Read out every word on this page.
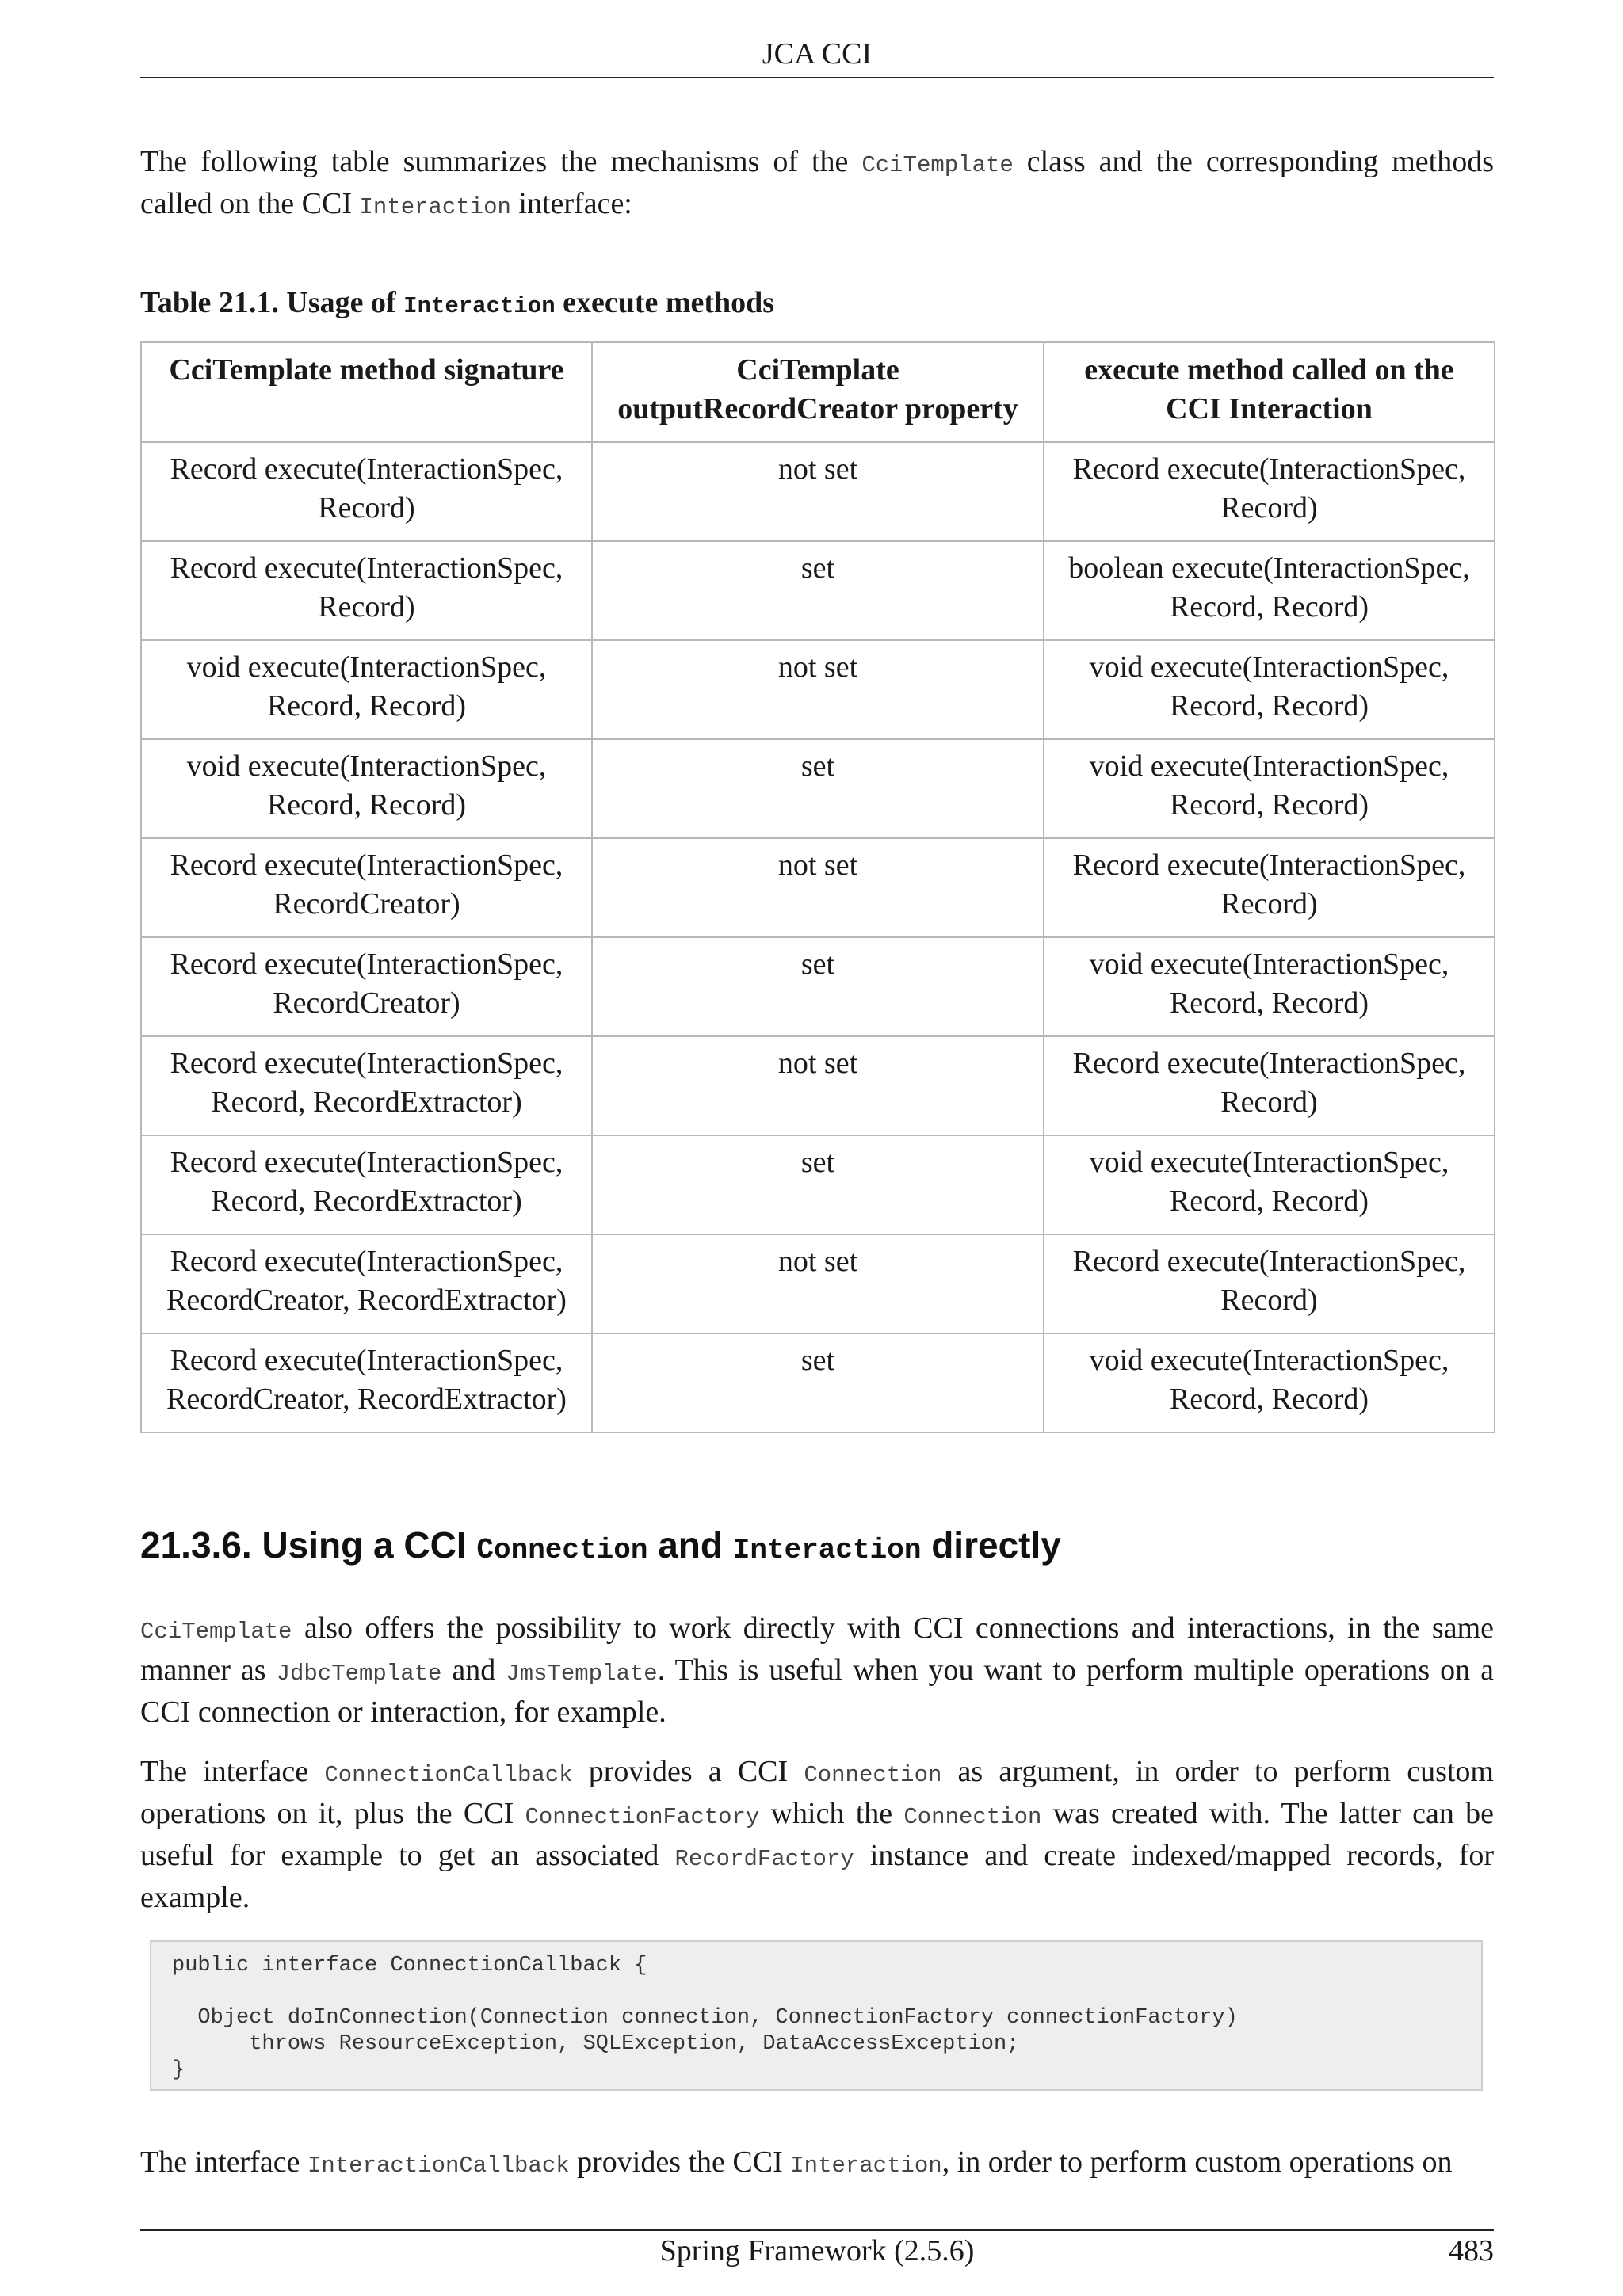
JCA CCI

The following table summarizes the mechanisms of the CciTemplate class and the corresponding methods called on the CCI Interaction interface:

Table 21.1. Usage of Interaction execute methods
CciTemplate method signature	CciTemplate outputRecordCreator property	execute method called on the CCI Interaction
Record execute(InteractionSpec, Record)	not set	Record execute(InteractionSpec, Record)
Record execute(InteractionSpec, Record)	set	boolean execute(InteractionSpec, Record, Record)
void execute(InteractionSpec, Record, Record)	not set	void execute(InteractionSpec, Record, Record)
void execute(InteractionSpec, Record, Record)	set	void execute(InteractionSpec, Record, Record)
Record execute(InteractionSpec, RecordCreator)	not set	Record execute(InteractionSpec, Record)
Record execute(InteractionSpec, RecordCreator)	set	void execute(InteractionSpec, Record, Record)
Record execute(InteractionSpec, Record, RecordExtractor)	not set	Record execute(InteractionSpec, Record)
Record execute(InteractionSpec, Record, RecordExtractor)	set	void execute(InteractionSpec, Record, Record)
Record execute(InteractionSpec, RecordCreator, RecordExtractor)	not set	Record execute(InteractionSpec, Record)
Record execute(InteractionSpec, RecordCreator, RecordExtractor)	set	void execute(InteractionSpec, Record, Record)
21.3.6. Using a CCI Connection and Interaction directly

CciTemplate also offers the possibility to work directly with CCI connections and interactions, in the same manner as JdbcTemplate and JmsTemplate. This is useful when you want to perform multiple operations on a CCI connection or interaction, for example.

The interface ConnectionCallback provides a CCI Connection as argument, in order to perform custom operations on it, plus the CCI ConnectionFactory which the Connection was created with. The latter can be useful for example to get an associated RecordFactory instance and create indexed/mapped records, for example.

public interface ConnectionCallback {

Object doInConnection(Connection connection, ConnectionFactory connectionFactory)
throws ResourceException, SQLException, DataAccessException;
}

The interface InteractionCallback provides the CCI Interaction, in order to perform custom operations on

Spring Framework (2.5.6)	483
